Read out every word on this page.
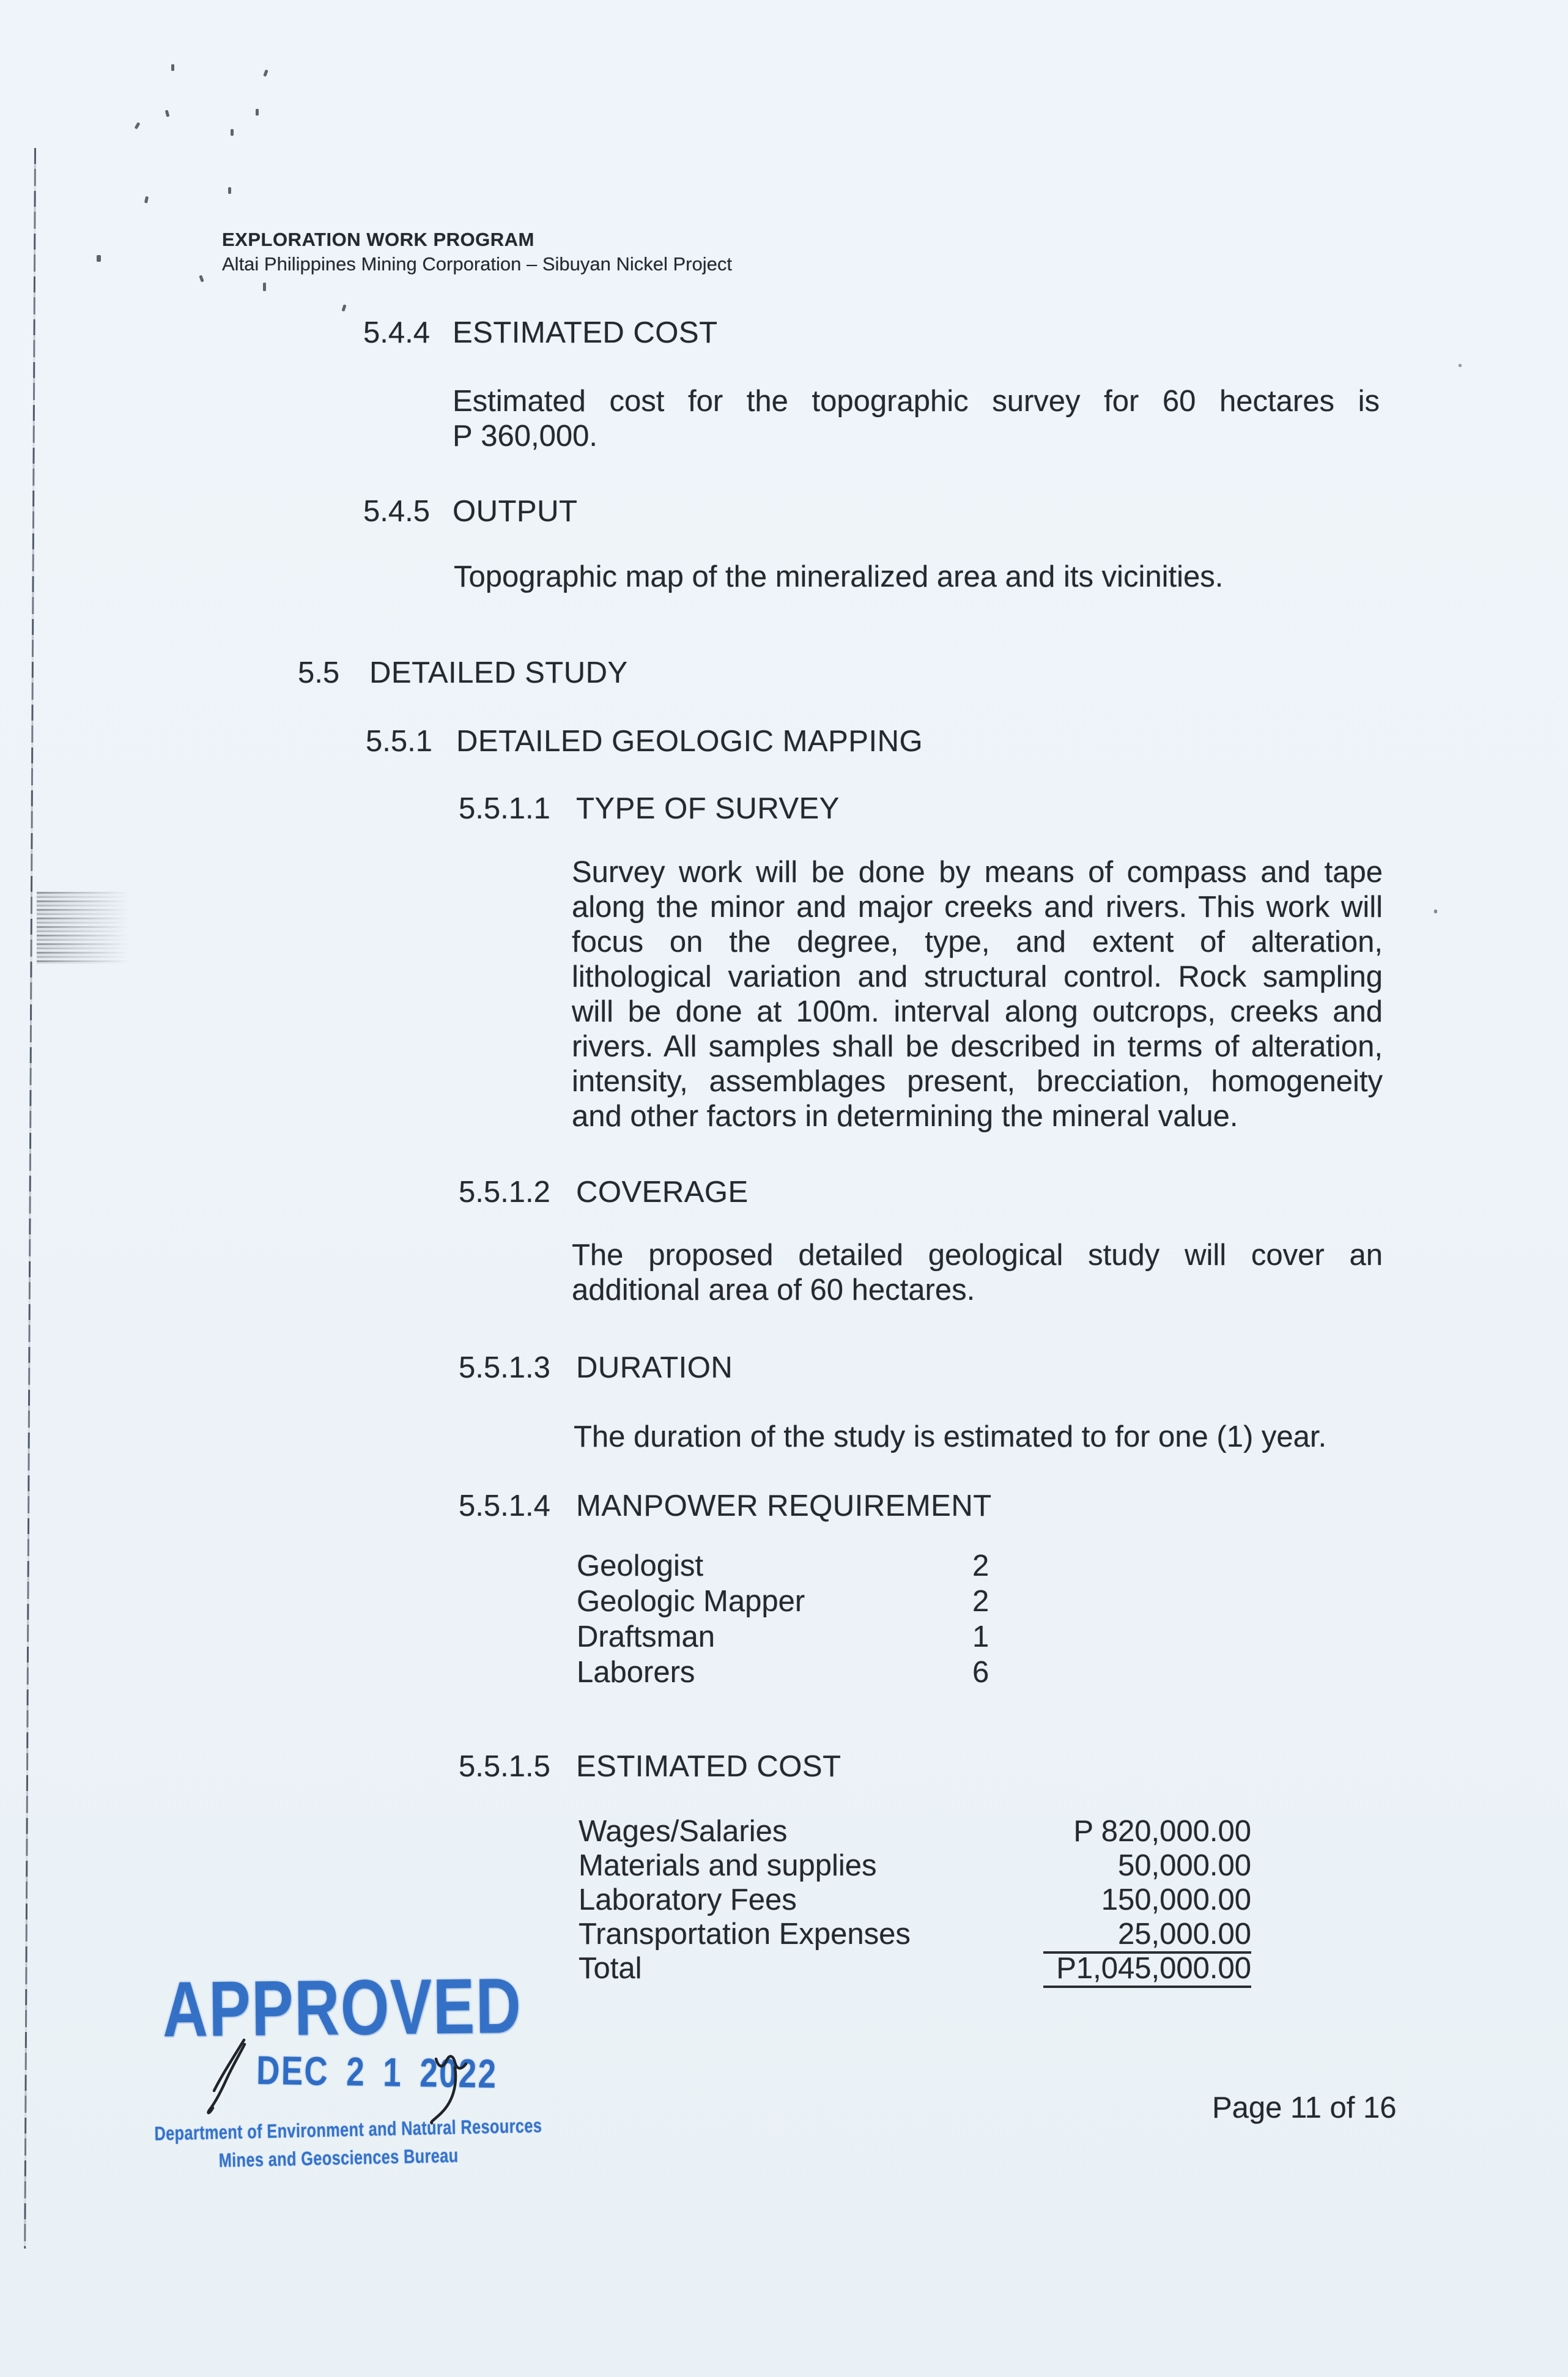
EXPLORATION WORK PROGRAM
Altai Philippines Mining Corporation – Sibuyan Nickel Project
5.4.4 ESTIMATED COST
Estimated cost for the topographic survey for 60 hectares is P 360,000.
5.4.5 OUTPUT
Topographic map of the mineralized area and its vicinities.
5.5 DETAILED STUDY
5.5.1 DETAILED GEOLOGIC MAPPING
5.5.1.1 TYPE OF SURVEY
Survey work will be done by means of compass and tape along the minor and major creeks and rivers. This work will focus on the degree, type, and extent of alteration, lithological variation and structural control. Rock sampling will be done at 100m. interval along outcrops, creeks and rivers. All samples shall be described in terms of alteration, intensity, assemblages present, brecciation, homogeneity and other factors in determining the mineral value.
5.5.1.2 COVERAGE
The proposed detailed geological study will cover an additional area of 60 hectares.
5.5.1.3 DURATION
The duration of the study is estimated to for one (1) year.
5.5.1.4 MANPOWER REQUIREMENT
Geologist	2
Geologic Mapper	2
Draftsman	1
Laborers	6
5.5.1.5 ESTIMATED COST
Wages/Salaries	P 820,000.00
Materials and supplies	50,000.00
Laboratory Fees	150,000.00
Transportation Expenses	25,000.00
Total	P1,045,000.00
APPROVED
DEC 2 1 2022
Department of Environment and Natural Resources
Mines and Geosciences Bureau
Page 11 of 16
